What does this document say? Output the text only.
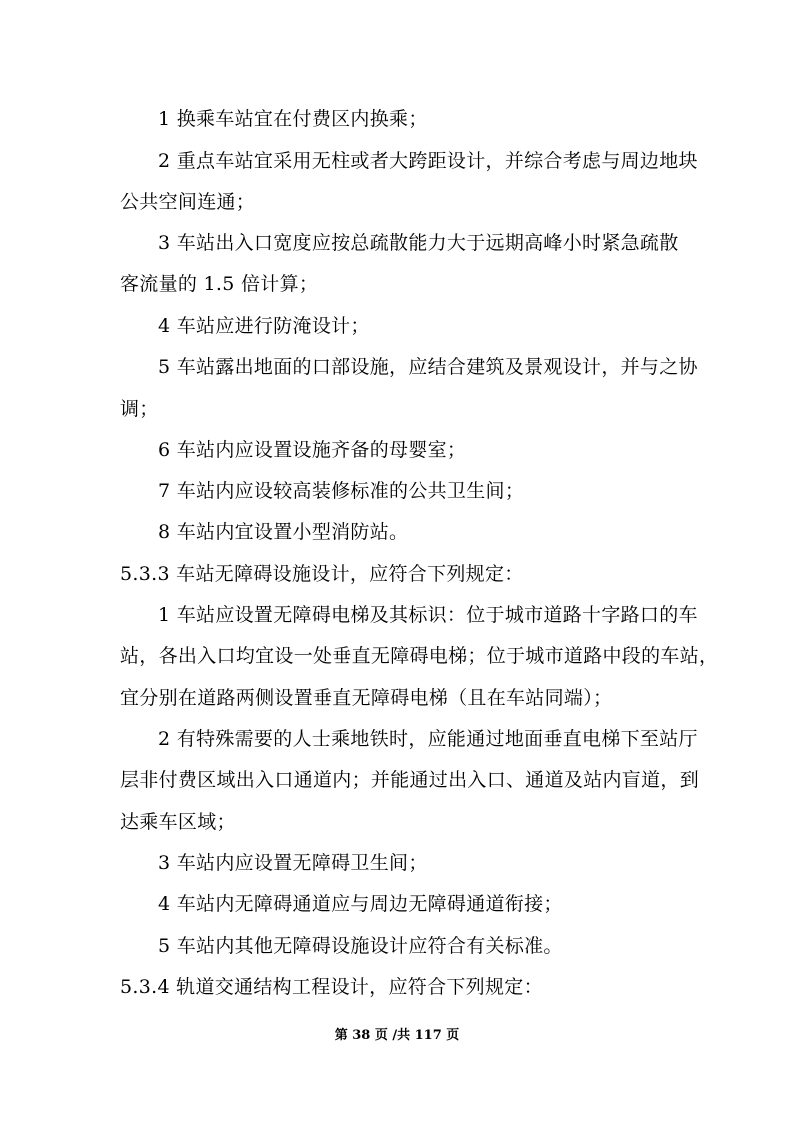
1 换乘车站宜在付费区内换乘；
2 重点车站宜采用无柱或者大跨距设计，并综合考虑与周边地块
公共空间连通；
3 车站出入口宽度应按总疏散能力大于远期高峰小时紧急疏散
客流量的 1.5 倍计算；
4 车站应进行防淹设计；
5 车站露出地面的口部设施，应结合建筑及景观设计，并与之协
调；
6 车站内应设置设施齐备的母婴室；
7 车站内应设较高装修标准的公共卫生间；
8 车站内宜设置小型消防站。
5.3.3 车站无障碍设施设计，应符合下列规定：
1 车站应设置无障碍电梯及其标识：位于城市道路十字路口的车
站，各出入口均宜设一处垂直无障碍电梯；位于城市道路中段的车站，
宜分别在道路两侧设置垂直无障碍电梯（且在车站同端）；
2 有特殊需要的人士乘地铁时，应能通过地面垂直电梯下至站厅
层非付费区域出入口通道内；并能通过出入口、通道及站内盲道，到
达乘车区域；
3 车站内应设置无障碍卫生间；
4 车站内无障碍通道应与周边无障碍通道衔接；
5 车站内其他无障碍设施设计应符合有关标准。
5.3.4 轨道交通结构工程设计，应符合下列规定：
第 38 页 /共 117 页
